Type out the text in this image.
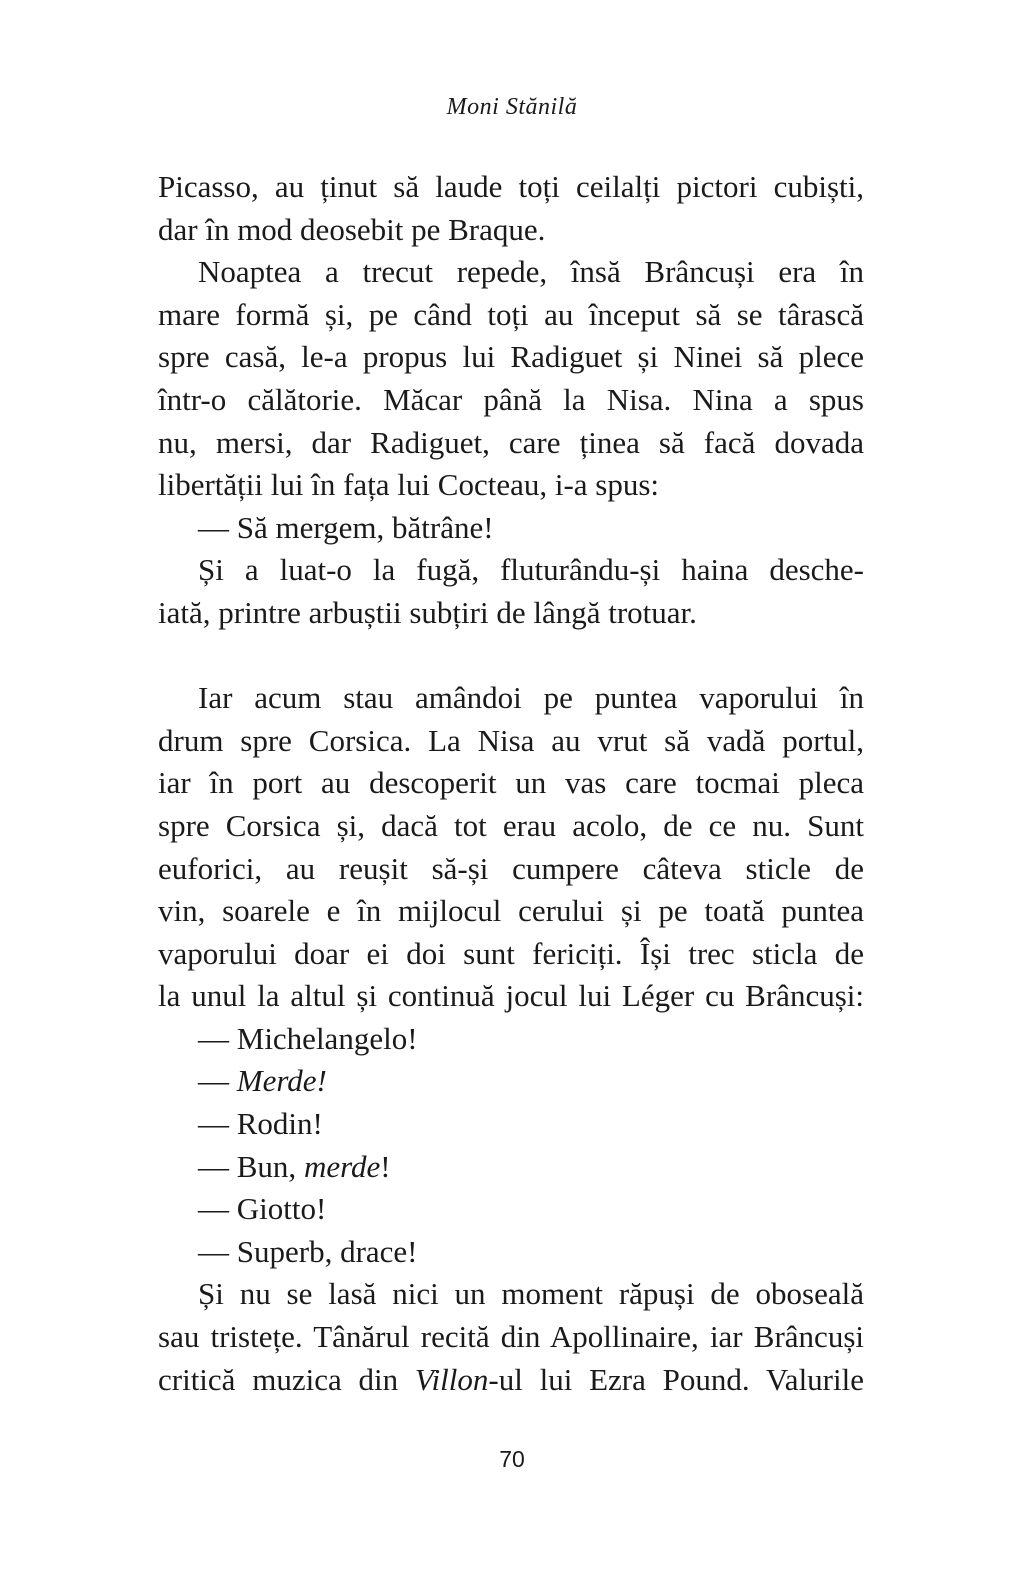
Moni Stănilă
Picasso, au ținut să laude toți ceilalți pictori cubiști,
dar în mod deosebit pe Braque.
Noaptea a trecut repede, însă Brâncuși era în
mare formă și, pe când toți au început să se târască
spre casă, le-a propus lui Radiguet și Ninei să plece
într-o călătorie. Măcar până la Nisa. Nina a spus
nu, mersi, dar Radiguet, care ținea să facă dovada
libertății lui în fața lui Cocteau, i-a spus:
— Să mergem, bătrâne!
Și a luat-o la fugă, fluturându-și haina desche-
iată, printre arbuștii subțiri de lângă trotuar.
Iar acum stau amândoi pe puntea vaporului în
drum spre Corsica. La Nisa au vrut să vadă portul,
iar în port au descoperit un vas care tocmai pleca
spre Corsica și, dacă tot erau acolo, de ce nu. Sunt
euforici, au reușit să-și cumpere câteva sticle de
vin, soarele e în mijlocul cerului și pe toată puntea
vaporului doar ei doi sunt fericiți. Își trec sticla de
la unul la altul și continuă jocul lui Léger cu Brâncuși:
— Michelangelo!
— Merde!
— Rodin!
— Bun, merde!
— Giotto!
— Superb, drace!
Și nu se lasă nici un moment răpuși de oboseală
sau tristețe. Tânărul recită din Apollinaire, iar Brâncuși
critică muzica din Villon-ul lui Ezra Pound. Valurile
70
